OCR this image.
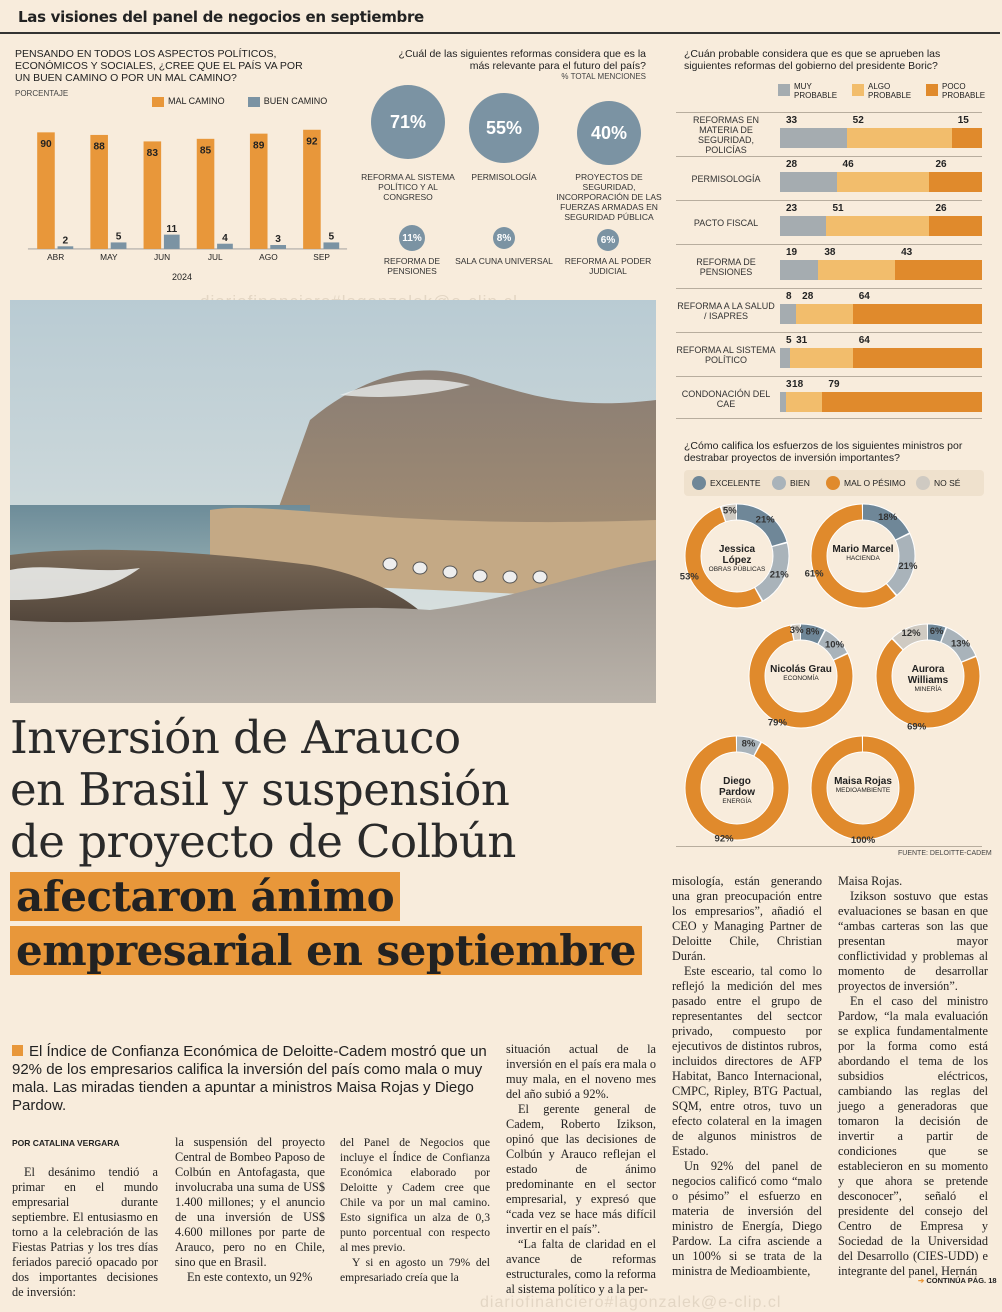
Las visiones del panel de negocios en septiembre
PENSANDO EN TODOS LOS ASPECTOS POLÍTICOS, ECONÓMICOS Y SOCIALES, ¿CREE QUE EL PAÍS VA POR UN BUEN CAMINO O POR UN MAL CAMINO?
PORCENTAJE
MAL CAMINO	BUEN CAMINO
90
2
ABR
88
5
MAY
83
11
JUN
85
4
JUL
89
3
AGO
92
5
SEP
2024
¿Cuál de las siguientes reformas considera que es la más relevante para el futuro del país?
% TOTAL MENCIONES
71%
REFORMA AL SISTEMA POLÍTICO Y AL CONGRESO
55%
PERMISOLOGÍA
40%
PROYECTOS DE SEGURIDAD, INCORPORACIÓN DE LAS FUERZAS ARMADAS EN SEGURIDAD PÚBLICA
11%
REFORMA DE PENSIONES
8%
SALA CUNA UNIVERSAL
6%
REFORMA AL PODER JUDICIAL
¿Cuán probable considera que es que se aprueben las siguientes reformas del gobierno del presidente Boric?
MUY PROBABLE
ALGO PROBABLE
POCO PROBABLE
REFORMAS EN MATERIA DE SEGURIDAD, POLICÍAS
33	52	15
PERMISOLOGÍA
28	46	26
PACTO FISCAL
23	51	26
REFORMA DE PENSIONES
19	38	43
REFORMA A LA SALUD / ISAPRES
8 28	64
REFORMA AL SISTEMA POLÍTICO
5 31	64
CONDONACIÓN DEL CAE
3 18	79
¿Cómo califica los esfuerzos de los siguientes ministros por destrabar proyectos de inversión importantes?
EXCELENTE	BIEN	MAL O PÉSIMO	NO SÉ
21%
21%
53%
5%
Jessica López
OBRAS PÚBLICAS
18%
21%
61%
Mario Marcel
HACIENDA
8%
10%
79%
3%
Nicolás Grau
ECONOMÍA
6%
13%
69%
12%
Aurora Williams
MINERÍA
8%
92%
Diego Pardow
ENERGÍA
100%
Maisa Rojas
MEDIOAMBIENTE
FUENTE: DELOITTE-CADEM
Inversión de Arauco
en Brasil y suspensión
de proyecto de Colbún
afectaron ánimo
empresarial en septiembre
El Índice de Confianza Económica de Deloitte-Cadem mostró que un 92% de los empresarios califica la inversión del país como mala o muy mala. Las miradas tienden a apuntar a ministros Maisa Rojas y Diego Pardow.
POR CATALINA VERGARA

El desánimo tendió a primar en el mundo empresarial durante septiembre. El entusiasmo en torno a la celebración de las Fiestas Patrias y los tres días feriados pareció opacado por dos importantes decisiones de inversión:

la suspensión del proyecto Central de Bombeo Paposo de Colbún en Antofagasta, que involucraba una suma de US$ 1.400 millones; y el anuncio de una inversión de US$ 4.600 millones por parte de Arauco, pero no en Chile, sino que en Brasil.

En este contexto, un 92%

del Panel de Negocios que incluye el Índice de Confianza Económica elaborado por Deloitte y Cadem cree que Chile va por un mal camino. Esto significa un alza de 0,3 punto porcentual con respecto al mes previo.

Y si en agosto un 79% del empresariado creía que la

situación actual de la inversión en el país era mala o muy mala, en el noveno mes del año subió a 92%.

El gerente general de Cadem, Roberto Izikson, opinó que las decisiones de Colbún y Arauco reflejan el estado de ánimo predominante en el sector empresarial, y expresó que “cada vez se hace más difícil invertir en el país”.

“La falta de claridad en el avance de reformas estructurales, como la reforma al sistema político y a la per-

misología, están generando una gran preocupación entre los empresarios”, añadió el CEO y Managing Partner de Deloitte Chile, Christian Durán.

Este esceario, tal como lo reflejó la medición del mes pasado entre el grupo de representantes del sectcor privado, compuesto por ejecutivos de distintos rubros, incluidos directores de AFP Habitat, Banco Internacional, CMPC, Ripley, BTG Pactual, SQM, entre otros, tuvo un efecto colateral en la imagen de algunos ministros de Estado.

Un 92% del panel de negocios calificó como “malo o pésimo” el esfuerzo en materia de inversión del ministro de Energía, Diego Pardow. La cifra asciende a un 100% si se trata de la ministra de Medioambiente,

Maisa Rojas.

Izikson sostuvo que estas evaluaciones se basan en que “ambas carteras son las que presentan mayor conflictividad y problemas al momento de desarrollar proyectos de inversión”.

En el caso del ministro Pardow, “la mala evaluación se explica fundamentalmente por la forma como está abordando el tema de los subsidios eléctricos, cambiando las reglas del juego a generadoras que tomaron la decisión de invertir a partir de condiciones que se establecieron en su momento y que ahora se pretende desconocer”, señaló el presidente del consejo del Centro de Empresa y Sociedad de la Universidad del Desarrollo (CIES-UDD) e integrante del panel, Hernán

➔ CONTINÚA PÁG. 18
diariofinanciero#lagonzalek@e-clip.cl
